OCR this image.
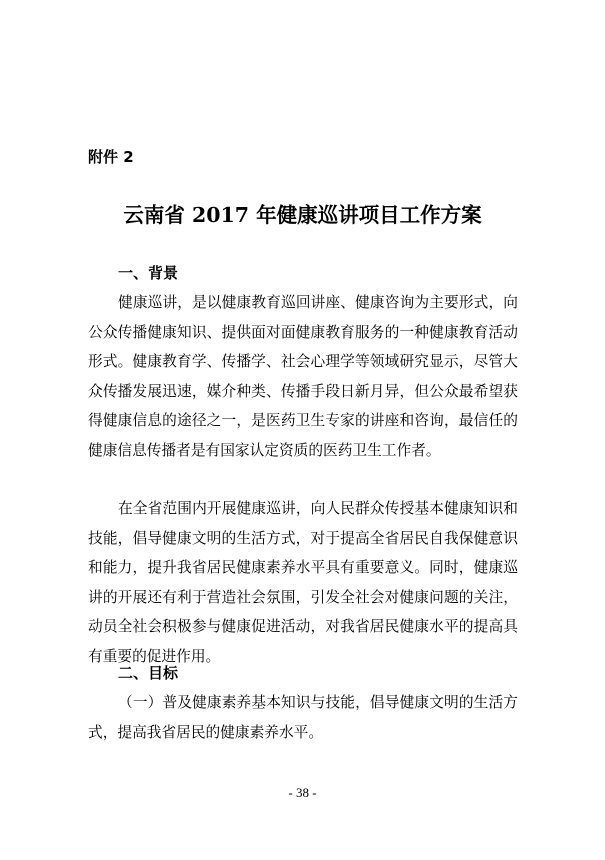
附件 2
云南省 2017 年健康巡讲项目工作方案
一、背景

健康巡讲，是以健康教育巡回讲座、健康咨询为主要形式，向公众传播健康知识、提供面对面健康教育服务的一种健康教育活动形式。健康教育学、传播学、社会心理学等领域研究显示，尽管大众传播发展迅速，媒介种类、传播手段日新月异，但公众最希望获得健康信息的途径之一，是医药卫生专家的讲座和咨询，最信任的健康信息传播者是有国家认定资质的医药卫生工作者。

在全省范围内开展健康巡讲，向人民群众传授基本健康知识和技能，倡导健康文明的生活方式，对于提高全省居民自我保健意识和能力，提升我省居民健康素养水平具有重要意义。同时，健康巡讲的开展还有利于营造社会氛围，引发全社会对健康问题的关注，动员全社会积极参与健康促进活动，对我省居民健康水平的提高具有重要的促进作用。

二、目标

（一）普及健康素养基本知识与技能，倡导健康文明的生活方式，提高我省居民的健康素养水平。

- 38 -
